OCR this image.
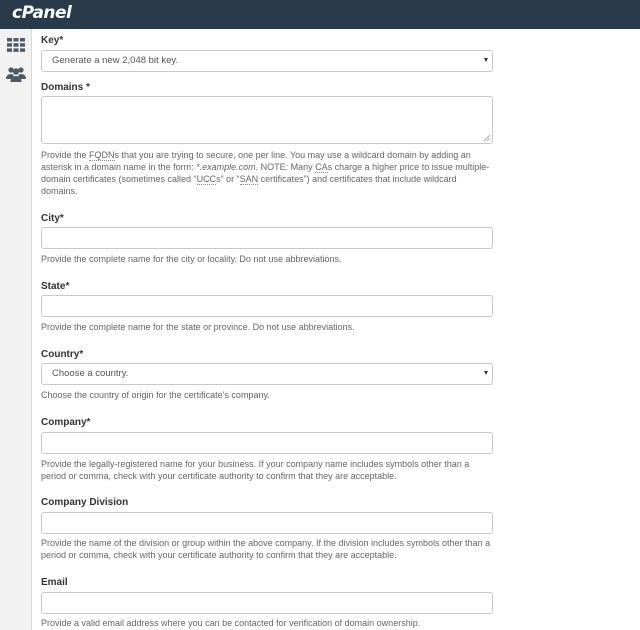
cPanel
Key*
Generate a new 2,048 bit key.
Domains *
Provide the FQDNs that you are trying to secure, one per line. You may use a wildcard domain by adding an asterisk in a domain name in the form: *.example.com. NOTE: Many CAs charge a higher price to issue multiple-domain certificates (sometimes called “UCCs” or “SAN certificates”) and certificates that include wildcard domains.
City*
Provide the complete name for the city or locality. Do not use abbreviations.
State*
Provide the complete name for the state or province. Do not use abbreviations.
Country*
Choose a country.
Choose the country of origin for the certificate’s company.
Company*
Provide the legally-registered name for your business. If your company name includes symbols other than a period or comma, check with your certificate authority to confirm that they are acceptable.
Company Division
Provide the name of the division or group within the above company. If the division includes symbols other than a period or comma, check with your certificate authority to confirm that they are acceptable.
Email
Provide a valid email address where you can be contacted for verification of domain ownership.
